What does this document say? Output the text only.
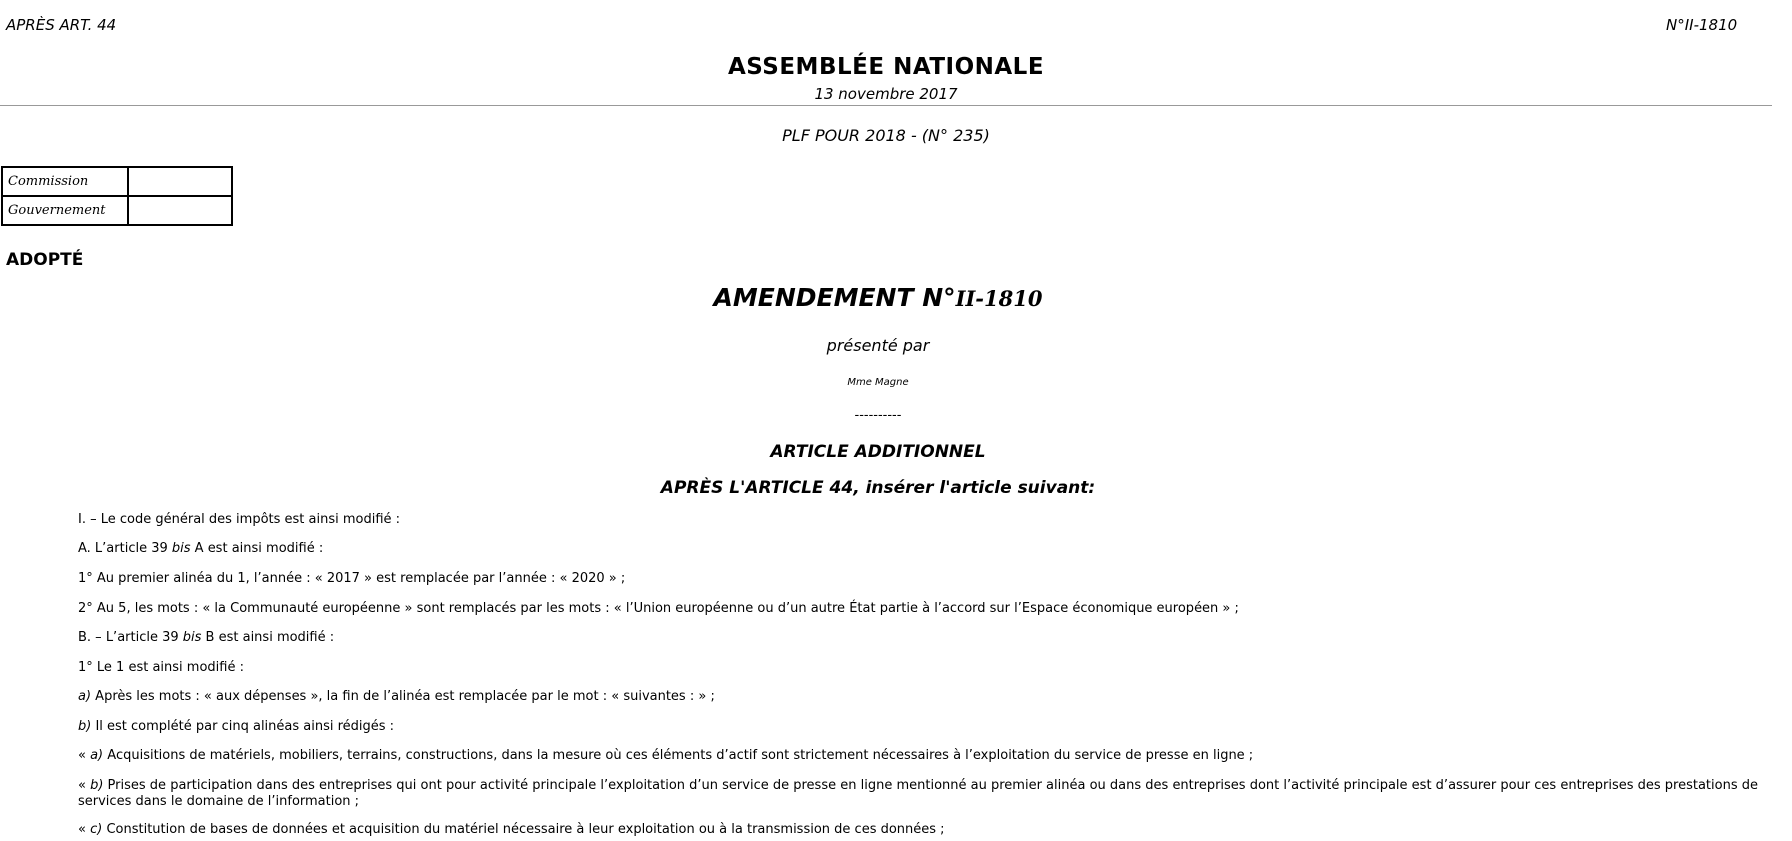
APRÈS ART. 44	N°II-1810
ASSEMBLÉE NATIONALE
13 novembre 2017
PLF POUR 2018 - (N° 235)
Commission	
Gouvernement	
ADOPTÉ
AMENDEMENT N°II-1810
présenté par
Mme Magne
----------
ARTICLE ADDITIONNEL
APRÈS L'ARTICLE 44, insérer l'article suivant:
I. – Le code général des impôts est ainsi modifié :
A. L’article 39 bis A est ainsi modifié :
1° Au premier alinéa du 1, l’année : « 2017 » est remplacée par l’année : « 2020 » ;
2° Au 5, les mots : « la Communauté européenne » sont remplacés par les mots : « l’Union européenne ou d’un autre État partie à l’accord sur l’Espace économique européen » ;
B. – L’article 39 bis B est ainsi modifié :
1° Le 1 est ainsi modifié :
a) Après les mots : « aux dépenses », la fin de l’alinéa est remplacée par le mot : « suivantes : » ;
b) Il est complété par cinq alinéas ainsi rédigés :
« a) Acquisitions de matériels, mobiliers, terrains, constructions, dans la mesure où ces éléments d’actif sont strictement nécessaires à l’exploitation du service de presse en ligne ;
« b) Prises de participation dans des entreprises qui ont pour activité principale l’exploitation d’un service de presse en ligne mentionné au premier alinéa ou dans des entreprises dont l’activité principale est d’assurer pour ces entreprises des prestations de services dans le domaine de l’information ;
« c) Constitution de bases de données et acquisition du matériel nécessaire à leur exploitation ou à la transmission de ces données ;
